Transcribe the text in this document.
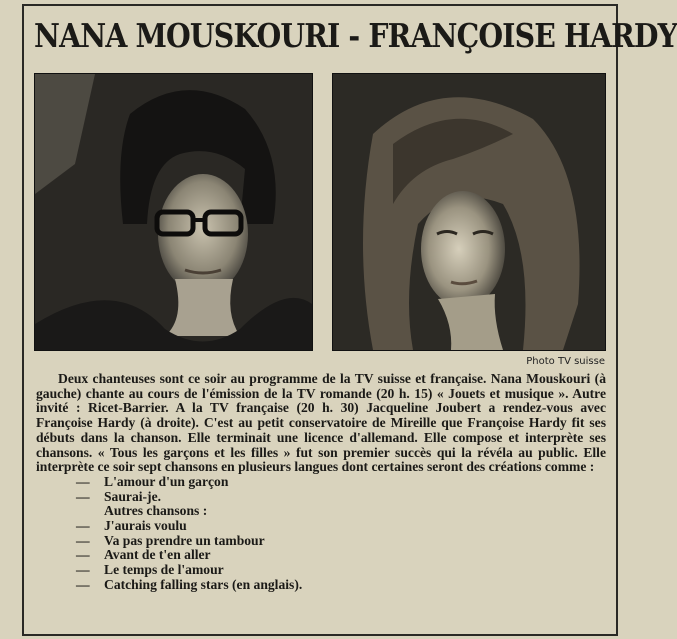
NANA MOUSKOURI - FRANÇOISE HARDY
Photo TV suisse

Deux chanteuses sont ce soir au programme de la TV suisse et française. Nana Mouskouri (à gauche) chante au cours de l'émission de la TV romande (20 h. 15) « Jouets et musique ». Autre invité : Ricet-Barrier. A la TV française (20 h. 30) Jacqueline Joubert a rendez-vous avec Françoise Hardy (à droite). C'est au petit conservatoire de Mireille que Françoise Hardy fit ses débuts dans la chanson. Elle terminait une licence d'allemand. Elle compose et interprète ses chansons. « Tous les garçons et les filles » fut son premier succès qui la révéla au public. Elle interprète ce soir sept chansons en plusieurs langues dont certaines seront des créations comme :

— L'amour d'un garçon
— Saurai-je.
Autres chansons :
— J'aurais voulu
— Va pas prendre un tambour
— Avant de t'en aller
— Le temps de l'amour
— Catching falling stars (en anglais).
